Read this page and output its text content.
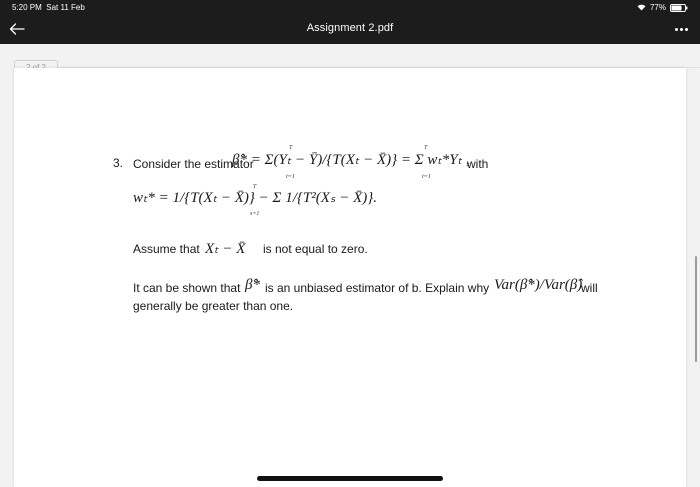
5:20 PM Sat 11 Feb	77%
Assignment 2.pdf
3. Consider the estimator
β̂* = Σ(Yₜ − Ȳ)/{T(Xₜ − X̄)} = Σ wₜ*Yₜ ,
T
t=1
T
t=1
with
wₜ* = 1/{T(Xₜ − X̄)} − Σ 1/{T²(Xₛ − X̄)}.
T
s=1
Assume that Xₜ − X̄ is not equal to zero.
It can be shown that β̂* is an unbiased estimator of b. Explain why Var(β̂*)/Var(β̂)
will
generally be greater than one.
